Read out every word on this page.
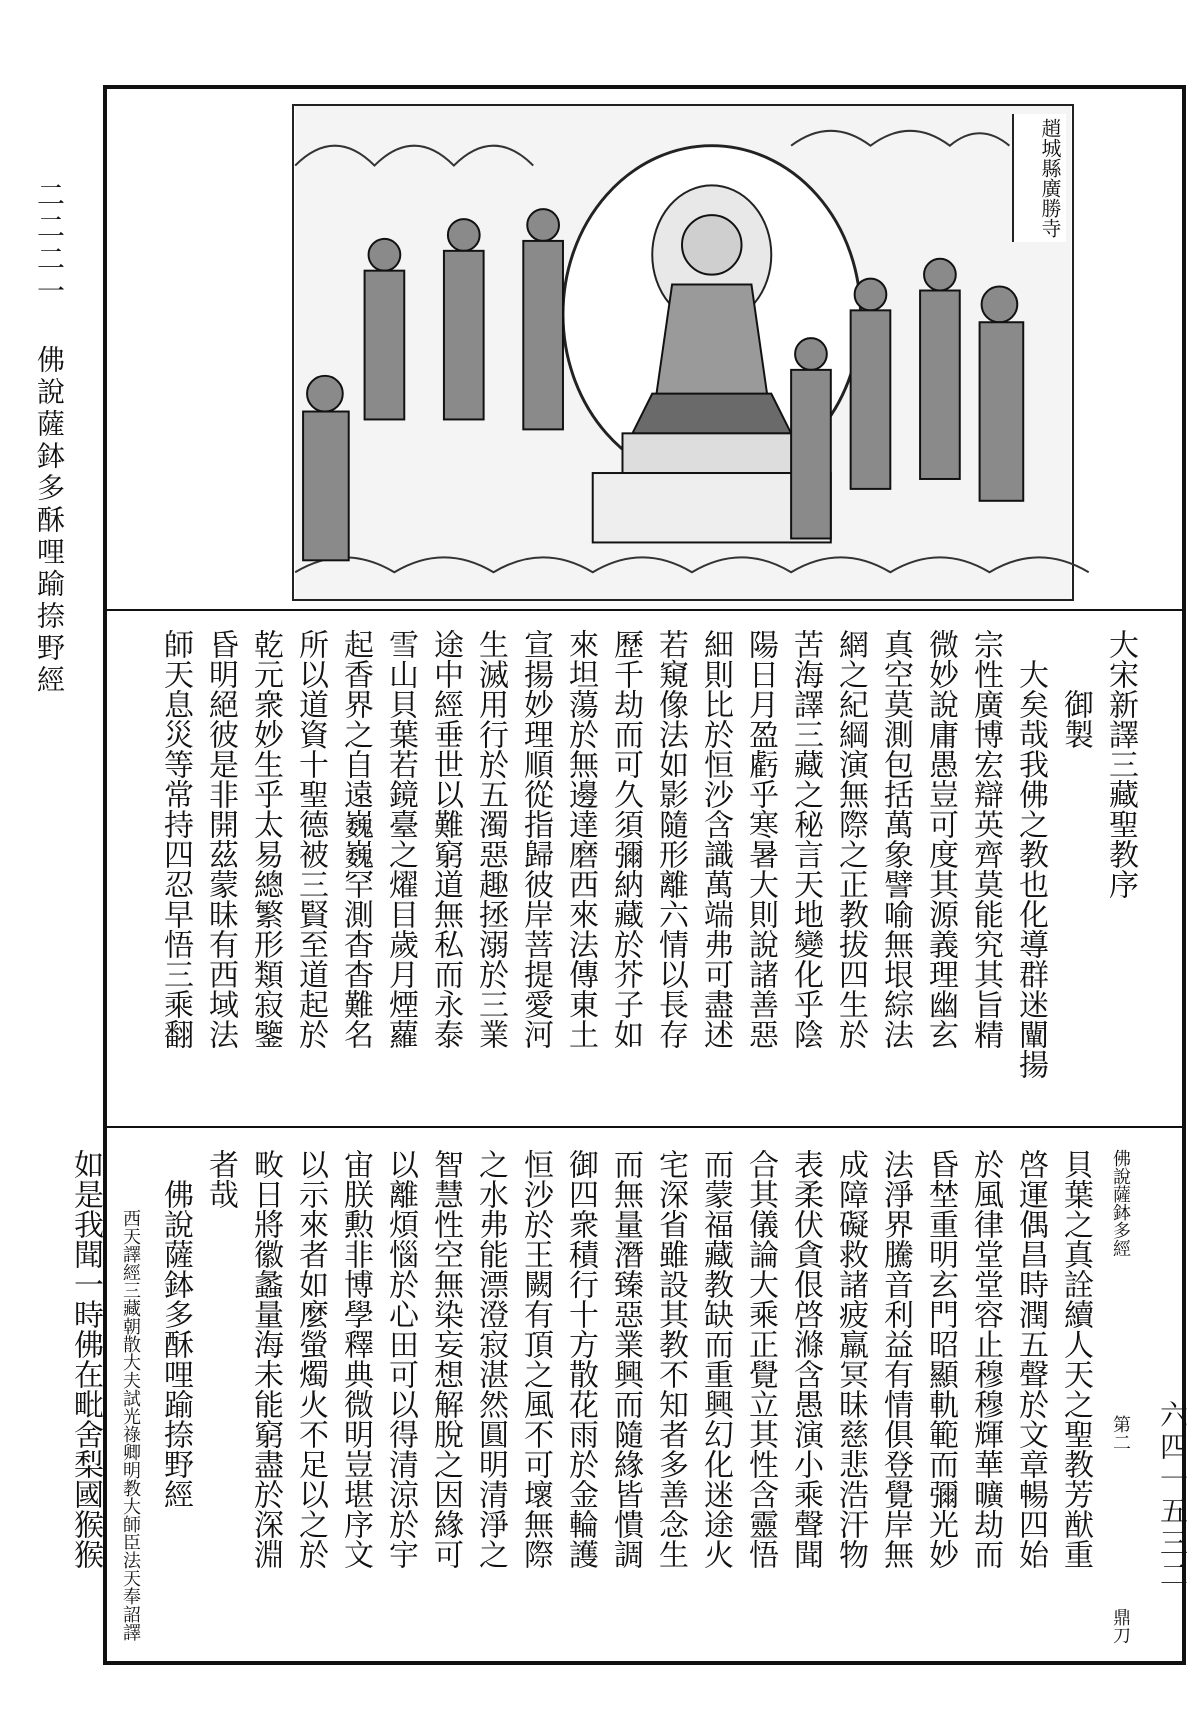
二二二一
佛說薩鉢多酥哩踰捺野經
六四一五三二
趙城縣廣勝寺
大宋新譯三藏聖教序
御製
大矣哉我佛之教也化導群迷闡揚
宗性廣博宏辯英齊莫能究其旨精
微妙說庸愚豈可度其源義理幽玄
真空莫測包括萬象譬喻無垠綜法
網之紀綱演無際之正教拔四生於
苦海譯三藏之秘言天地變化乎陰
陽日月盈虧乎寒暑大則說諸善惡
細則比於恒沙含識萬端弗可盡述
若窺像法如影隨形離六情以長存
歷千劫而可久須彌納藏於芥子如
來坦蕩於無邊達磨西來法傳東土
宣揚妙理順從指歸彼岸菩提愛河
生滅用行於五濁惡趣拯溺於三業
途中經垂世以難窮道無私而永泰
雪山貝葉若鏡臺之燿目歲月煙蘿
起香界之自遠巍巍罕測杳杳難名
所以道資十聖德被三賢至道起於
乾元衆妙生乎太易總繁形類寂鑒
昏明絕彼是非開茲蒙昧有西域法
師天息災等常持四忍早悟三乘翻
佛說薩鉢多經
第二
鼎刀
貝葉之真詮續人天之聖教芳猷重
啓運偶昌時潤五聲於文章暢四始
於風律堂堂容止穆穆輝華曠劫而
昏埜重明玄門昭顯軌範而彌光妙
法淨界騰音利益有情俱登覺岸無
成障礙救諸疲羸冥昧慈悲浩汗物
表柔伏貪佷啓滌含愚演小乘聲聞
合其儀論大乘正覺立其性含靈悟
而蒙福藏教缺而重興幻化迷途火
宅深省雖設其教不知者多善念生
而無量潛臻惡業興而隨緣皆憒調
御四衆積行十方散花雨於金輪護
恒沙於王闕有頂之風不可壞無際
之水弗能漂澄寂湛然圓明清淨之
智慧性空無染妄想解脫之因緣可
以離煩惱於心田可以得清涼於宇
宙朕勲非博學釋典微明豈堪序文
以示來者如麼螢燭火不足以之於
畋日將徽蠡量海未能窮盡於深淵
者哉
佛說薩鉢多酥哩踰捺野經
西天譯經三藏朝散大夫試光祿卿明教大師臣法天奉詔譯
如是我聞一時佛在毗舍梨國猴猴
